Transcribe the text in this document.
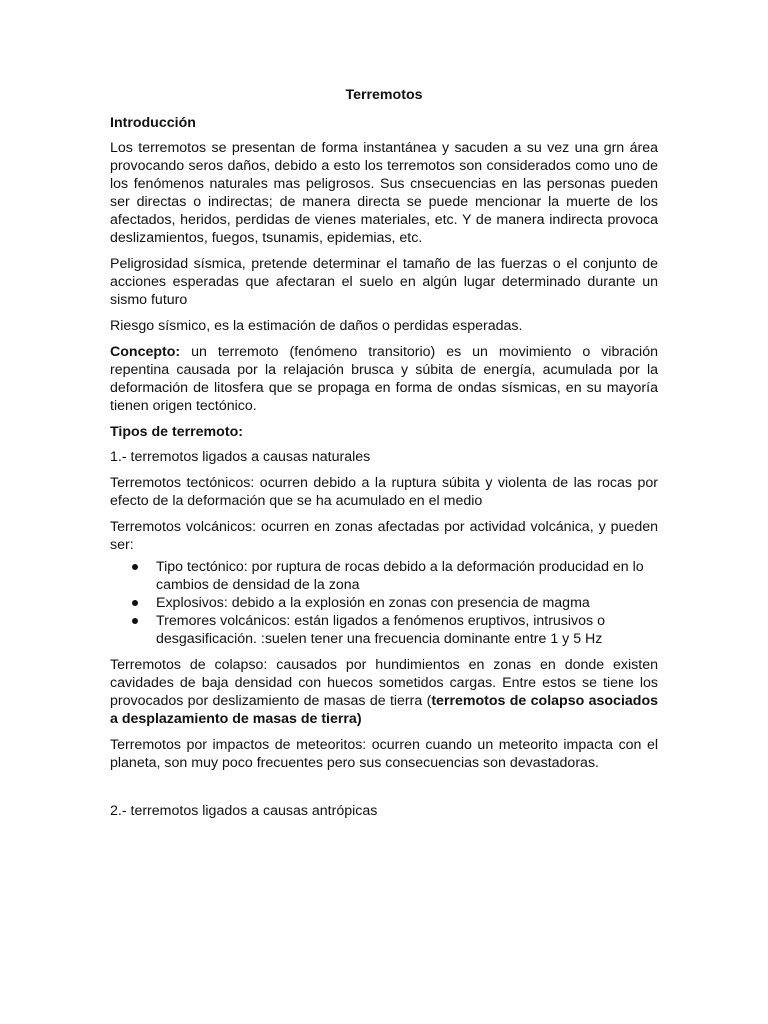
Terremotos
Introducción
Los terremotos se presentan de forma instantánea y sacuden a su vez una grn área provocando seros daños, debido a esto los terremotos son considerados como uno de los fenómenos naturales mas peligrosos. Sus cnsecuencias en las personas pueden ser directas o indirectas; de manera directa se puede mencionar la muerte de los afectados, heridos, perdidas de vienes materiales, etc. Y de manera indirecta provoca deslizamientos, fuegos, tsunamis, epidemias, etc.
Peligrosidad sísmica, pretende determinar el tamaño de las fuerzas o el conjunto de acciones esperadas que afectaran el suelo en algún lugar determinado durante un sismo futuro
Riesgo sísmico, es la estimación de daños o perdidas esperadas.
Concepto: un terremoto (fenómeno transitorio) es un movimiento o vibración repentina causada por la relajación brusca y súbita de energía, acumulada por la deformación de litosfera que se propaga en forma de ondas sísmicas, en su mayoría tienen origen tectónico.
Tipos de terremoto:
1.- terremotos ligados a causas naturales
Terremotos tectónicos: ocurren debido a la ruptura súbita y violenta de las rocas por efecto de la deformación que se ha acumulado en el medio
Terremotos volcánicos: ocurren en zonas afectadas por actividad volcánica, y pueden ser:
Tipo tectónico: por ruptura de rocas debido a la deformación producidad en lo cambios de densidad de la zona
Explosivos: debido a la explosión en zonas con presencia de magma
Tremores volcánicos: están ligados a fenómenos eruptivos, intrusivos o desgasificación. :suelen tener una frecuencia dominante entre 1 y 5 Hz
Terremotos de colapso: causados por hundimientos en zonas en donde existen cavidades de baja densidad con huecos sometidos cargas. Entre estos se tiene los provocados por deslizamiento de masas de tierra (terremotos de colapso asociados a desplazamiento de masas de tierra)
Terremotos por impactos de meteoritos: ocurren cuando un meteorito impacta con el planeta, son muy poco frecuentes pero sus consecuencias son devastadoras.
2.- terremotos ligados a causas antrópicas
